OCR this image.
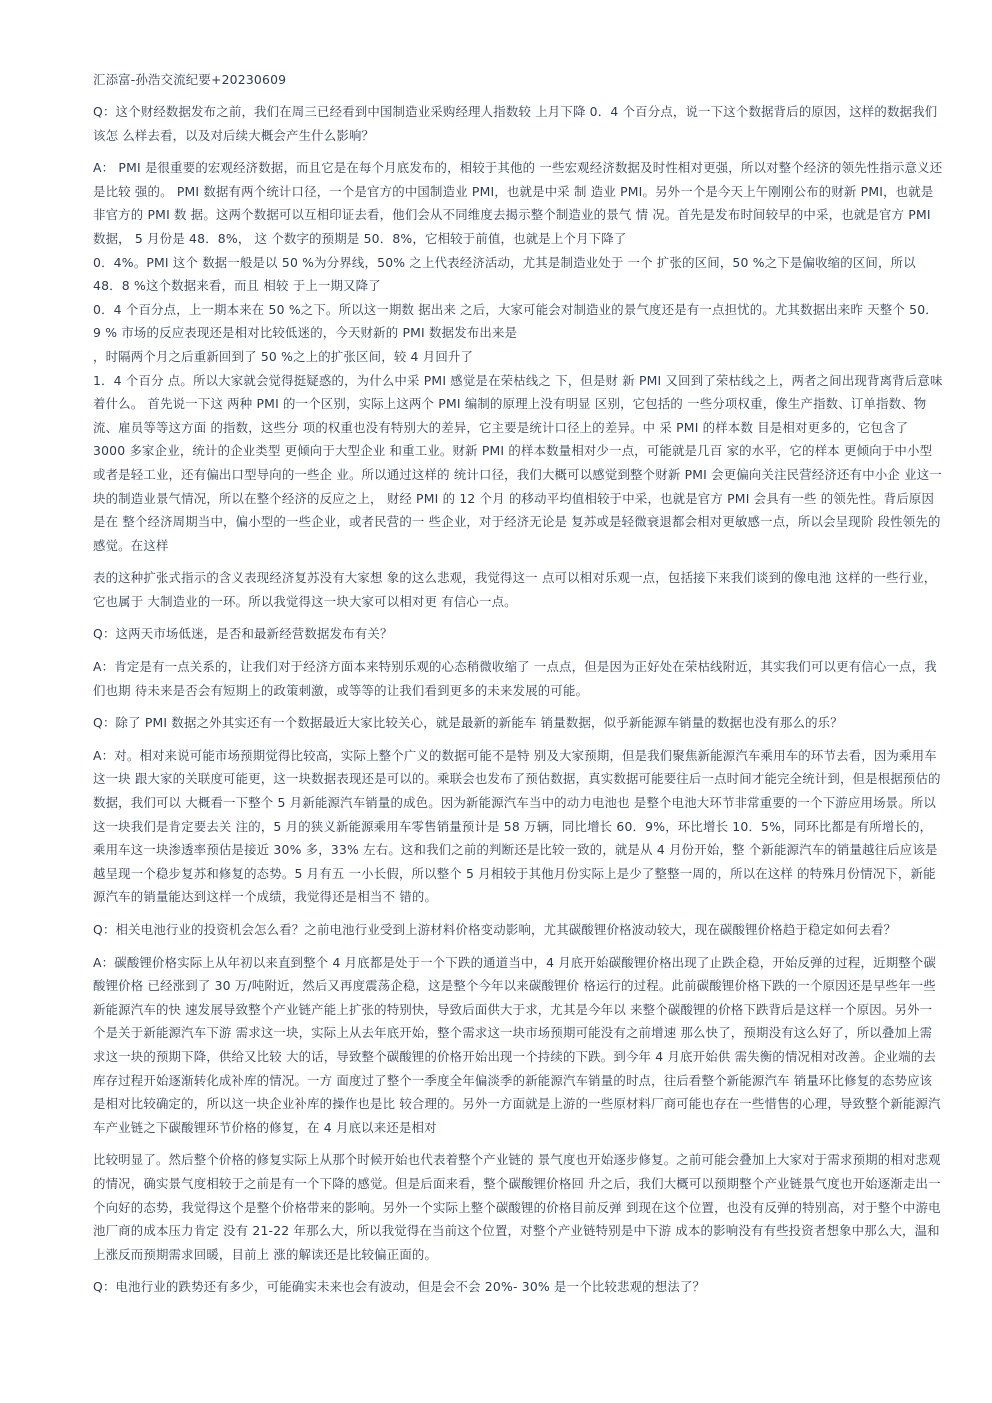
汇添富-孙浩交流纪要+20230609
Q：这个财经数据发布之前，我们在周三已经看到中国制造业采购经理人指数较 上月下降 0．4 个百分点，说一下这个数据背后的原因，这样的数据我们该怎 么样去看，以及对后续大概会产生什么影响？
A： PMI 是很重要的宏观经济数据，而且它是在每个月底发布的，相较于其他的 一些宏观经济数据及时性相对更强，所以对整个经济的领先性指示意义还是比较 强的。 PMI 数据有两个统计口径，一个是官方的中国制造业 PMI，也就是中采 制 造业 PMI。另外一个是今天上午刚刚公布的财新 PMI，也就是非官方的 PMI 数 据。这两个数据可以互相印证去看，他们会从不同维度去揭示整个制造业的景气 情 况。首先是发布时间较早的中采，也就是官方 PMI 数据， 5 月份是 48．8%， 这 个数字的预期是 50．8%，它相较于前值，也就是上个月下降了
0．4%。PMI 这个 数据一般是以 50 %为分界线，50% 之上代表经济活动，尤其是制造业处于 一个 扩张的区间，50 %之下是偏收缩的区间，所以 48．8 %这个数据来看，而且 相较 于上一期又降了
0．4 个百分点，上一期本来在 50 %之下。所以这一期数 据出来 之后，大家可能会对制造业的景气度还是有一点担忧的。尤其数据出来昨 天整个 50．9 % 市场的反应表现还是相对比较低迷的，今天财新的 PMI 数据发布出来是
，时隔两个月之后重新回到了 50 %之上的扩张区间，较 4 月回升了
1．4 个百分 点。所以大家就会觉得挺疑惑的，为什么中采 PMI 感觉是在荣枯线之 下，但是财 新 PMI 又回到了荣枯线之上，两者之间出现背离背后意味着什么。 首先说一下这 两种 PMI 的一个区别，实际上这两个 PMI 编制的原理上没有明显 区别，它包括的 一些分项权重，像生产指数、订单指数、物流、雇员等等这方面 的指数，这些分 项的权重也没有特别大的差异，它主要是统计口径上的差异。中 采 PMI 的样本数 目是相对更多的，它包含了 3000 多家企业，统计的企业类型 更倾向于大型企业 和重工业。财新 PMI 的样本数量相对少一点，可能就是几百 家的水平，它的样本 更倾向于中小型或者是轻工业，还有偏出口型导向的一些企 业。所以通过这样的 统计口径，我们大概可以感觉到整个财新 PMI 会更偏向关注民营经济还有中小企 业这一块的制造业景气情况，所以在整个经济的反应之上， 财经 PMI 的 12 个月 的移动平均值相较于中采，也就是官方 PMI 会具有一些 的领先性。背后原因是在 整个经济周期当中，偏小型的一些企业，或者民营的一 些企业，对于经济无论是 复苏或是轻微衰退都会相对更敏感一点，所以会呈现阶 段性领先的感觉。在这样
表的这种扩张式指示的含义表现经济复苏没有大家想 象的这么悲观，我觉得这一 点可以相对乐观一点，包括接下来我们谈到的像电池 这样的一些行业，它也属于 大制造业的一环。所以我觉得这一块大家可以相对更 有信心一点。
Q：这两天市场低迷，是否和最新经营数据发布有关？
A：肯定是有一点关系的，让我们对于经济方面本来特别乐观的心态稍微收缩了 一点点，但是因为正好处在荣枯线附近，其实我们可以更有信心一点，我们也期 待未来是否会有短期上的政策刺激，或等等的让我们看到更多的未来发展的可能。
Q：除了 PMI 数据之外其实还有一个数据最近大家比较关心，就是最新的新能车 销量数据，似乎新能源车销量的数据也没有那么的乐？
A：对。相对来说可能市场预期觉得比较高，实际上整个广义的数据可能不是特 别及大家预期，但是我们聚焦新能源汽车乘用车的环节去看，因为乘用车这一块 跟大家的关联度可能更，这一块数据表现还是可以的。乘联会也发布了预估数据，真实数据可能要往后一点时间才能完全统计到，但是根据预估的数据，我们可以 大概看一下整个 5 月新能源汽车销量的成色。因为新能源汽车当中的动力电池也 是整个电池大环节非常重要的一个下游应用场景。所以这一块我们是肯定要去关 注的，5 月的狭义新能源乘用车零售销量预计是 58 万辆，同比增长 60．9%，环比增长 10．5%，同环比都是有所增长的，乘用车这一块渗透率预估是接近 30% 多，33% 左右。这和我们之前的判断还是比较一致的，就是从 4 月份开始，整 个新能源汽车的销量越往后应该是越呈现一个稳步复苏和修复的态势。5 月有五 一小长假，所以整个 5 月相较于其他月份实际上是少了整整一周的，所以在这样 的特殊月份情况下，新能源汽车的销量能达到这样一个成绩，我觉得还是相当不 错的。
Q：相关电池行业的投资机会怎么看？之前电池行业受到上游材料价格变动影响，尤其碳酸锂价格波动较大，现在碳酸锂价格趋于稳定如何去看？
A：碳酸锂价格实际上从年初以来直到整个 4 月底都是处于一个下跌的通道当中，4 月底开始碳酸锂价格出现了止跌企稳，开始反弹的过程，近期整个碳酸锂价格 已经涨到了 30 万/吨附近，然后又再度震荡企稳，这是整个今年以来碳酸锂价 格运行的过程。此前碳酸锂价格下跌的一个原因还是早些年一些新能源汽车的快 速发展导致整个产业链产能上扩张的特别快，导致后面供大于求，尤其是今年以 来整个碳酸锂的价格下跌背后是这样一个原因。另外一个是关于新能源汽车下游 需求这一块，实际上从去年底开始，整个需求这一块市场预期可能没有之前增速 那么快了，预期没有这么好了，所以叠加上需求这一块的预期下降，供给又比较 大的话，导致整个碳酸锂的价格开始出现一个持续的下跌。到今年 4 月底开始供 需失衡的情况相对改善。企业端的去库存过程开始逐渐转化成补库的情况。一方 面度过了整个一季度全年偏淡季的新能源汽车销量的时点，往后看整个新能源汽车 销量环比修复的态势应该是相对比较确定的，所以这一块企业补库的操作也是比 较合理的。另外一方面就是上游的一些原材料厂商可能也存在一些惜售的心理，导致整个新能源汽车产业链之下碳酸锂环节价格的修复，在 4 月底以来还是相对
比较明显了。然后整个价格的修复实际上从那个时候开始也代表着整个产业链的 景气度也开始逐步修复。之前可能会叠加上大家对于需求预期的相对悲观的情况，确实景气度相较于之前是有一个下降的感觉。但是后面来看，整个碳酸锂价格回 升之后，我们大概可以预期整个产业链景气度也开始逐渐走出一个向好的态势，我觉得这个是整个价格带来的影响。另外一个实际上整个碳酸锂的价格目前反弹 到现在这个位置，也没有反弹的特别高，对于整个中游电池厂商的成本压力肯定 没有 21-22 年那么大，所以我觉得在当前这个位置，对整个产业链特别是中下游 成本的影响没有有些投资者想象中那么大，温和上涨反而预期需求回暖，目前上 涨的解读还是比较偏正面的。
Q：电池行业的跌势还有多少，可能确实未来也会有波动，但是会不会 20%- 30% 是一个比较悲观的想法了？
